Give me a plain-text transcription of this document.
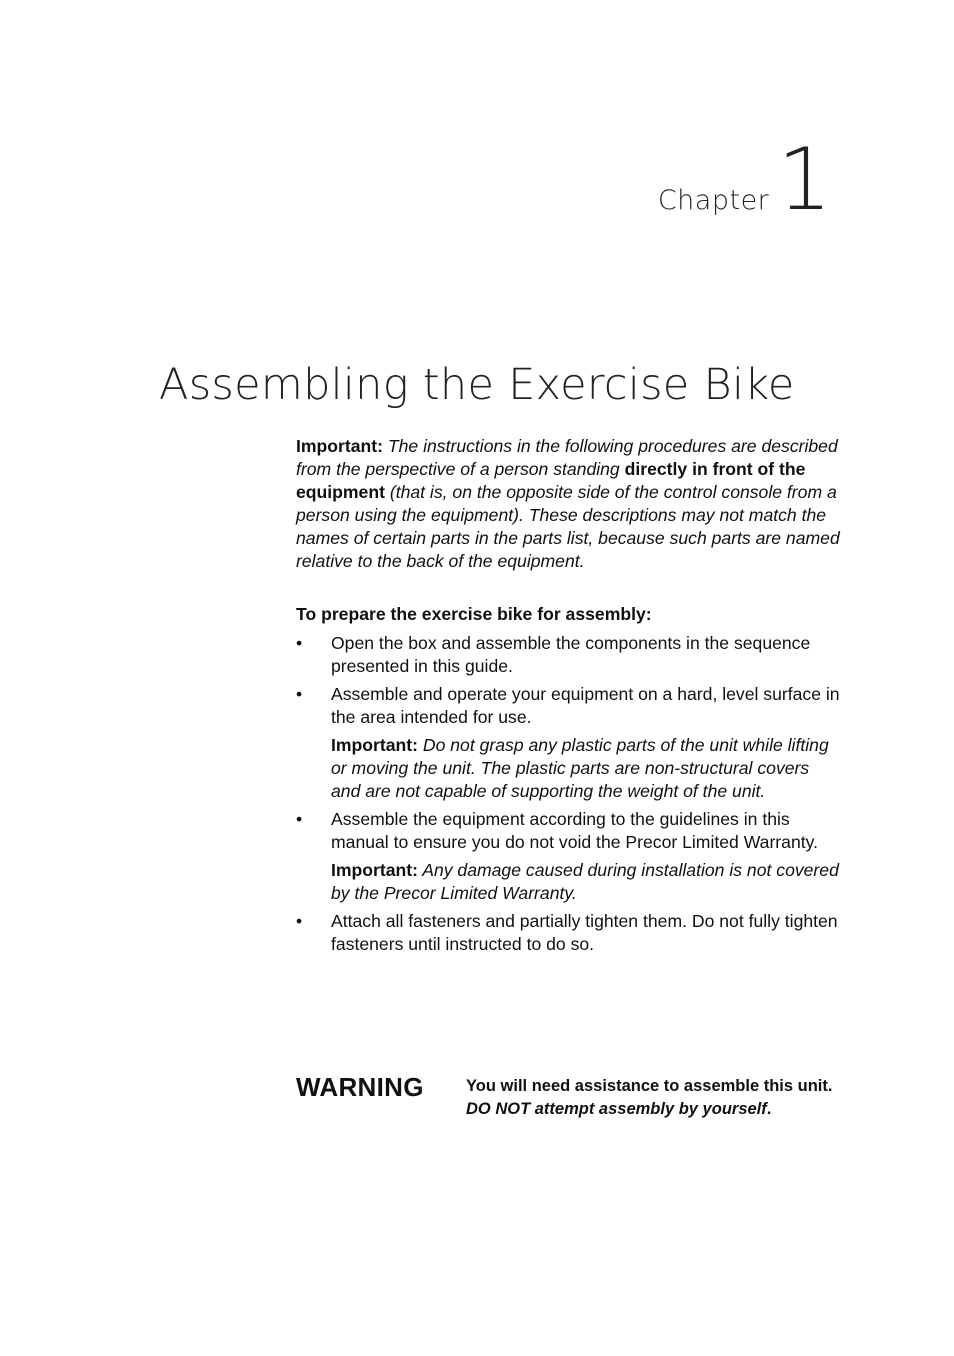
Chapter 1
Assembling the Exercise Bike

Important: The instructions in the following procedures are described from the perspective of a person standing directly in front of the equipment (that is, on the opposite side of the control console from a person using the equipment). These descriptions may not match the names of certain parts in the parts list, because such parts are named relative to the back of the equipment.

To prepare the exercise bike for assembly:
• Open the box and assemble the components in the sequence presented in this guide.
• Assemble and operate your equipment on a hard, level surface in the area intended for use.
Important: Do not grasp any plastic parts of the unit while lifting or moving the unit. The plastic parts are non-structural covers and are not capable of supporting the weight of the unit.
• Assemble the equipment according to the guidelines in this manual to ensure you do not void the Precor Limited Warranty.
Important: Any damage caused during installation is not covered by the Precor Limited Warranty.
• Attach all fasteners and partially tighten them. Do not fully tighten fasteners until instructed to do so.
WARNING	You will need assistance to assemble this unit. DO NOT attempt assembly by yourself.
